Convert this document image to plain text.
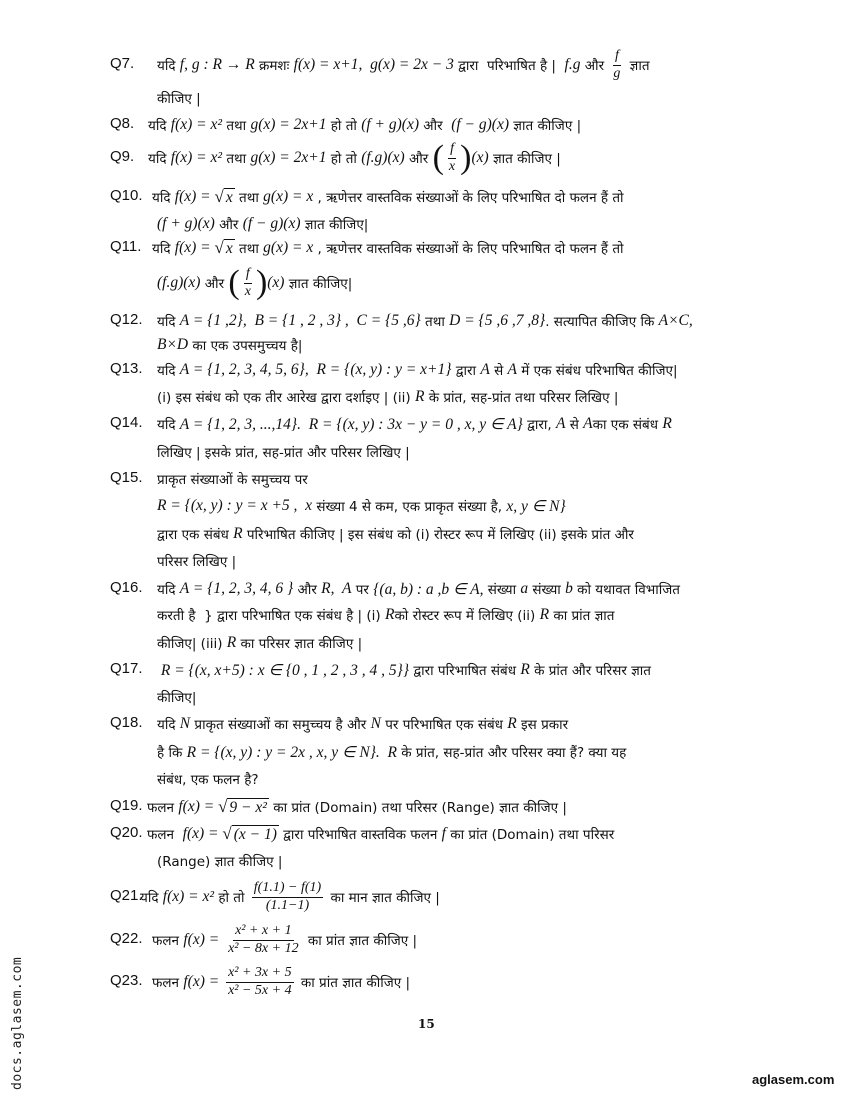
Q7. यदि f, g : R → R क्रमशः f(x) = x+1,  g(x) = 2x − 3 द्वारा  परिभाषित है | f.g और $\frac{f}{g}$ ज्ञात
कीजिए |
Q8. यदि f(x) = x² तथा g(x) = 2x+1 हो तो (f + g)(x) और (f − g)(x) ज्ञात कीजिए |
Q9. यदि f(x) = x² तथा g(x) = 2x+1 हो तो (f.g)(x) और ( $\frac{f}{x}$ ) (x) ज्ञात कीजिए |
Q10. यदि f(x) = √ x तथा g(x) = x , ऋणेत्तर वास्तविक संख्याओं के लिए परिभाषित दो फलन हैं तो
(f + g)(x) और (f − g)(x) ज्ञात कीजिए|
Q11. यदि f(x) = √ x तथा g(x) = x , ऋणेत्तर वास्तविक संख्याओं के लिए परिभाषित दो फलन हैं तो
(f.g)(x) और ( $\frac{f}{x}$ ) (x) ज्ञात कीजिए|
Q12. यदि A = {1 ,2},  B = {1 , 2 , 3} ,  C = {5 ,6} तथा D = {5 ,6 ,7 ,8} . सत्यापित कीजिए कि A×C,
B×D का एक उपसमुच्चय है|
Q13. यदि A = {1, 2, 3, 4, 5, 6},  R = {(x, y) : y = x+1} द्वारा A से A में एक संबंध परिभाषित कीजिए|
(i) इस संबंध को एक तीर आरेख द्वारा दर्शाइए | (ii) R के प्रांत, सह-प्रांत तथा परिसर लिखिए |
Q14. यदि A = {1, 2, 3, ...,14}.  R = {(x, y) : 3x − y = 0 , x, y ∈ A} द्वारा, A से A का एक संबंध R
लिखिए | इसके प्रांत, सह-प्रांत और परिसर लिखिए |
Q15. प्राकृत संख्याओं के समुच्चय पर
R = {(x, y) : y = x +5 ,  x संख्या 4 से कम, एक प्राकृत संख्या है, x, y ∈ N}
द्वारा एक संबंध R परिभाषित कीजिए | इस संबंध को (i) रोस्टर रूप में लिखिए (ii) इसके प्रांत और
परिसर लिखिए |
Q16. यदि A = {1, 2, 3, 4, 6 } और R,  A पर {(a, b) : a ,b ∈ A, संख्या a संख्या b को यथावत विभाजित
करती है  } द्वारा परिभाषित एक संबंध है | (i) R को रोस्टर रूप में लिखिए (ii) R का प्रांत ज्ञात
कीजिए| (iii) R का परिसर ज्ञात कीजिए |
Q17. R = {(x, x+5) : x ∈ {0 , 1 , 2 , 3 , 4 , 5}} द्वारा परिभाषित संबंध R के प्रांत और परिसर ज्ञात
कीजिए|
Q18. यदि N प्राकृत संख्याओं का समुच्चय है और N पर परिभाषित एक संबंध R इस प्रकार
है कि R = {(x, y) : y = 2x , x, y ∈ N}.  R के प्रांत, सह-प्रांत और परिसर क्या हैं? क्या यह
संबंध, एक फलन है?
Q19. फलन f(x) = √ 9 − x² का प्रांत (Domain) तथा परिसर (Range) ज्ञात कीजिए |
Q20. फलन f(x) = √ (x − 1) द्वारा परिभाषित वास्तविक फलन f का प्रांत (Domain) तथा परिसर
(Range) ज्ञात कीजिए |
Q21.
यदि f(x) = x² हो तो $\frac{f(1.1) - f(1)}{(1.1-1)}$ का मान ज्ञात कीजिए |
Q22. फलन $f(x) = \frac{\text{x² + x + 1}}{\text{x² − 8x + 12}}$ का प्रांत ज्ञात कीजिए |
Q23. फलन $f(x) = \frac{\text{x² + 3x + 5}}{\text{x² − 5x + 4}}$ का प्रांत ज्ञात कीजिए |
15
aglasem.com
docs.aglasem.com
